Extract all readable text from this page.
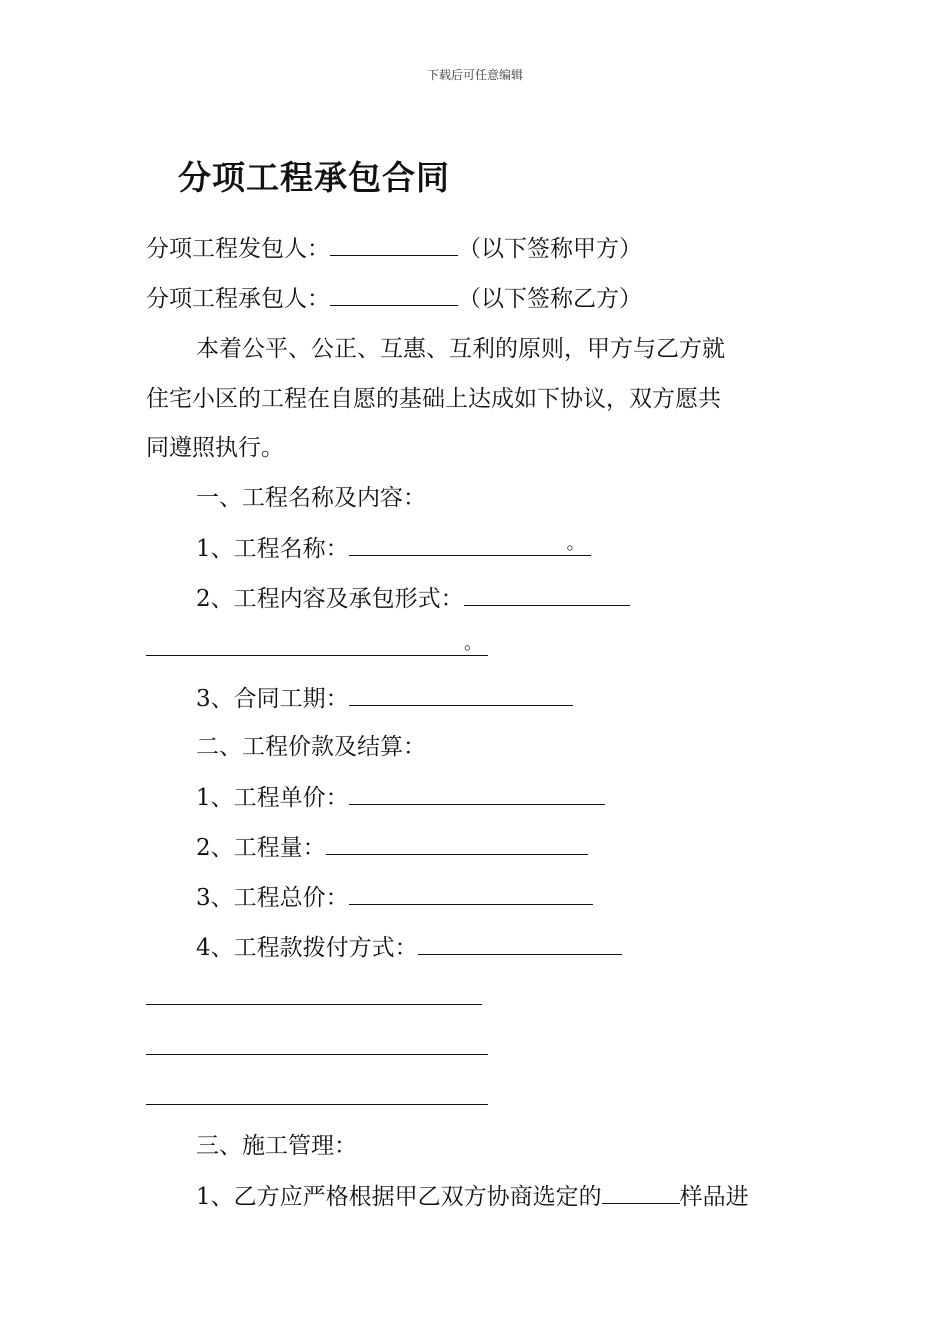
下载后可任意编辑
分项工程承包合同
分项工程发包人：	（以下签称甲方）
分项工程承包人：	（以下签称乙方）
本着公平、公正、互惠、互利的原则，甲方与乙方就
住宅小区的工程在自愿的基础上达成如下协议，双方愿共
同遵照执行。
一、工程名称及内容：
1、工程名称：	。
2、工程内容及承包形式：
。
3、合同工期：
二、工程价款及结算：
1、工程单价：
2、工程量：
3、工程总价：
4、工程款拨付方式：
三、施工管理：
1、乙方应严格根据甲乙双方协商选定的	样品进
